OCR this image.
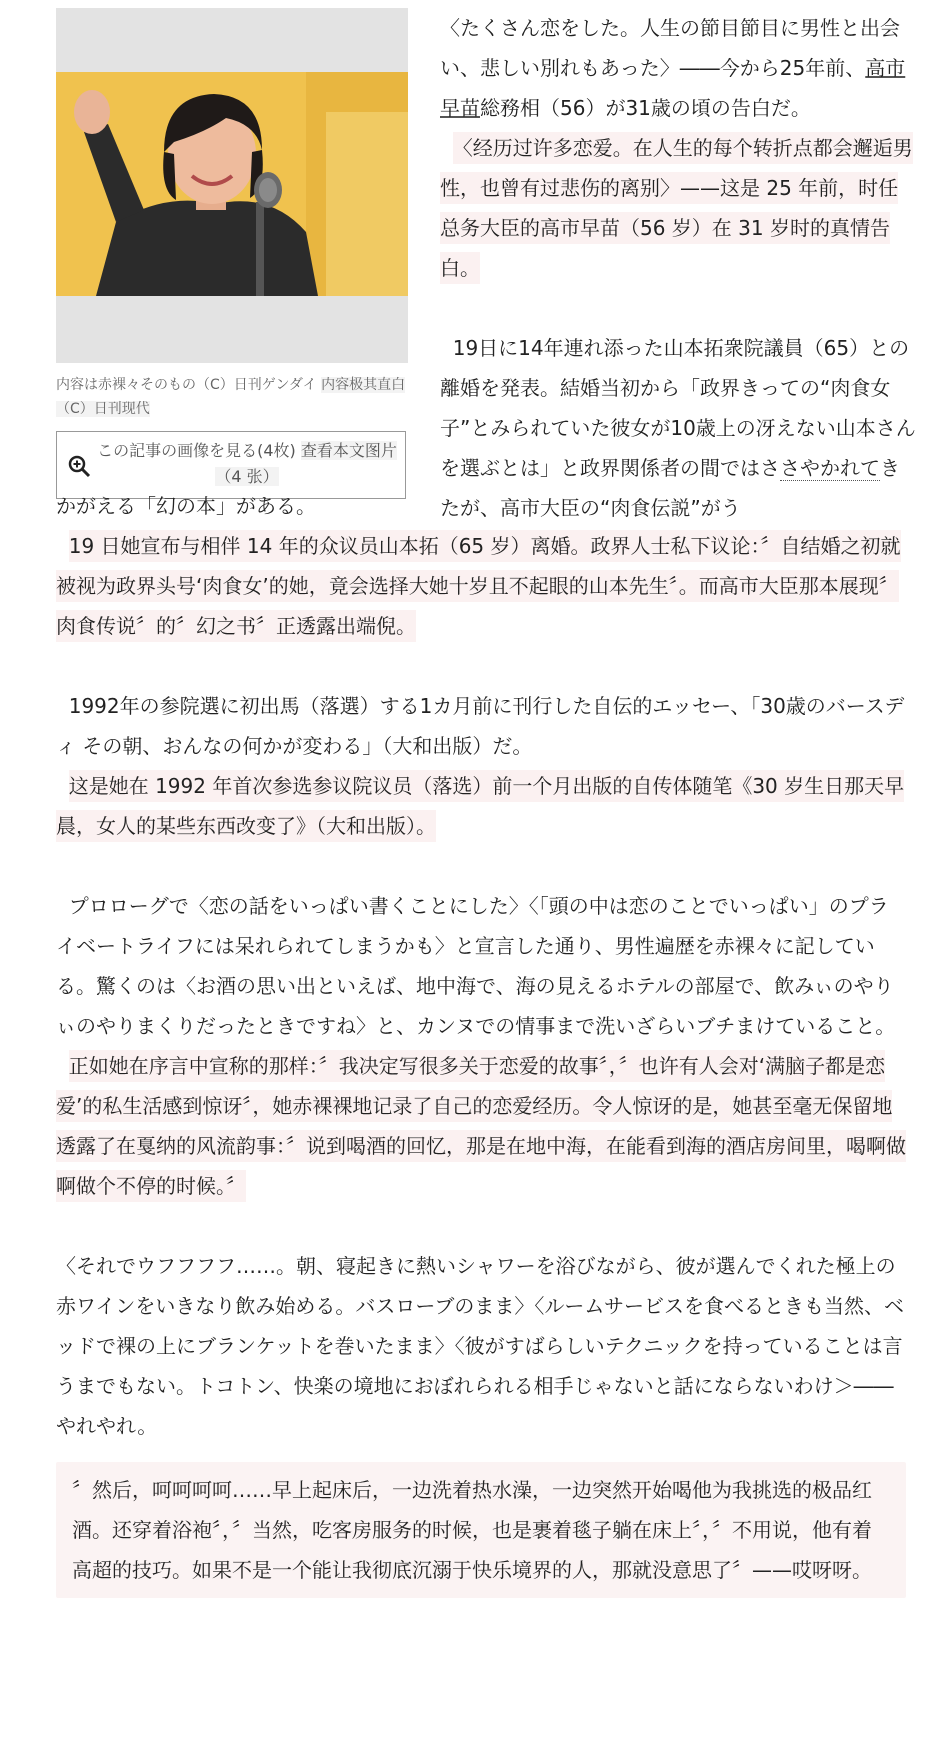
内容は赤裸々そのもの（C）日刊ゲンダイ 内容极其直白（C）日刊现代
この記事の画像を見る(4枚) 查看本文图片（4 张）

〈たくさん恋をした。人生の節目節目に男性と出会い、悲しい別れもあった〉――今から25年前、高市早苗総務相（56）が31歳の頃の告白だ。

〈经历过许多恋爱。在人生的每个转折点都会邂逅男性，也曾有过悲伤的离别〉——这是 25 年前，时任总务大臣的高市早苗（56 岁）在 31 岁时的真情告白。

19日に14年連れ添った山本拓衆院議員（65）との離婚を発表。結婚当初から「政界きっての“肉食女子”とみられていた彼女が10歳上の冴えない山本さんを選ぶとは」と政界関係者の間ではささやかれてきたが、高市大臣の“肉食伝説”がう

かがえる「幻の本」がある。

19 日她宣布与相伴 14 年的众议员山本拓（65 岁）离婚。政界人士私下议论：〞自结婚之初就被视为政界头号‘肉食女’的她，竟会选择大她十岁且不起眼的山本先生〞。而高市大臣那本展现〞肉食传说〞的〞幻之书〞正透露出端倪。

1992年の参院選に初出馬（落選）する1カ月前に刊行した自伝的エッセー、「30歳のバースディ その朝、おんなの何かが変わる」（大和出版）だ。

这是她在 1992 年首次参选参议院议员（落选）前一个月出版的自传体随笔《30 岁生日那天早晨，女人的某些东西改变了》（大和出版）。

プロローグで〈恋の話をいっぱい書くことにした〉〈「頭の中は恋のことでいっぱい」のプライベートライフには呆れられてしまうかも〉と宣言した通り、男性遍歴を赤裸々に記している。驚くのは〈お酒の思い出といえば、地中海で、海の見えるホテルの部屋で、飲みぃのやりぃのやりまくりだったときですね〉と、カンヌでの情事まで洗いざらいブチまけていること。

正如她在序言中宣称的那样：〞我决定写很多关于恋爱的故事〞，〞也许有人会对‘满脑子都是恋爱’的私生活感到惊讶〞，她赤裸裸地记录了自己的恋爱经历。令人惊讶的是，她甚至毫无保留地透露了在戛纳的风流韵事：〞说到喝酒的回忆，那是在地中海，在能看到海的酒店房间里，喝啊做啊做个不停的时候。〞

〈それでウフフフフ……。朝、寝起きに熱いシャワーを浴びながら、彼が選んでくれた極上の赤ワインをいきなり飲み始める。バスローブのまま〉〈ルームサービスを食べるときも当然、ベッドで裸の上にブランケットを巻いたまま〉〈彼がすばらしいテクニックを持っていることは言うまでもない。トコトン、快楽の境地におぼれられる相手じゃないと話にならないわけ＞――やれやれ。

〞然后，呵呵呵呵……早上起床后，一边洗着热水澡，一边突然开始喝他为我挑选的极品红酒。还穿着浴袍〞，〞当然，吃客房服务的时候，也是裹着毯子躺在床上〞，〞不用说，他有着高超的技巧。如果不是一个能让我彻底沉溺于快乐境界的人，那就没意思了〞——哎呀呀。
